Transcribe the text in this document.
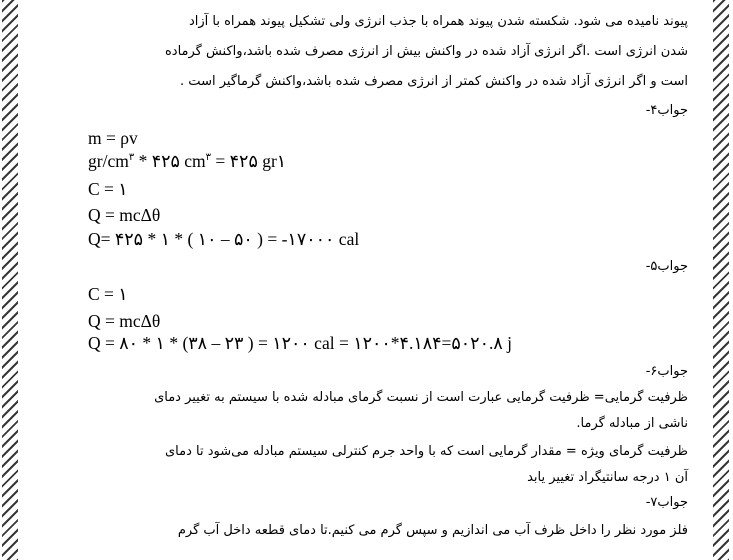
پیوند نامیده می شود. شکسته شدن پیوند همراه با جذب انرژی ولی تشکیل پیوند همراه با آزاد
شدن انرژی است .اگر انرژی آزاد شده در واکنش بیش از انرژی مصرف شده باشد،واکنش گرماده
است و اگر انرژی آزاد شده در واکنش کمتر از انرژی مصرف شده باشد،واکنش گرماگیر است .
جواب۴-
m = ρv
$gr/cm^۳$ * ۴۲۵ $cm^۳$ = ۴۲۵ gr۱
C = ۱
Q = mcΔθ
Q= ۴۲۵ * ۱ * ( ۱۰ – ۵۰ ) = -۱۷۰۰۰ cal
جواب۵-
C = ۱
Q = mcΔθ
Q = ۸۰ * ۱ * (۳۸ – ۲۳ ) = ۱۲۰۰ cal = ۱۲۰۰*۴.۱۸۴=۵۰۲۰.۸ j
جواب۶-
ظرفیت گرمایی= ظرفیت گرمایی عبارت است از نسبت گرمای مبادله شده با سیستم به تغییر دمای
ناشی از مبادله گرما.
ظرفیت گرمای ویژه = مقدار گرمایی است که با واحد جرم کنترلی سیستم مبادله می‌شود تا دمای
آن ۱ درجه سانتیگراد تغییر یابد
جواب۷-
فلز مورد نظر را داخل ظرف آب می اندازیم و سپس گرم می کنیم.تا دمای قطعه داخل آب گرم
